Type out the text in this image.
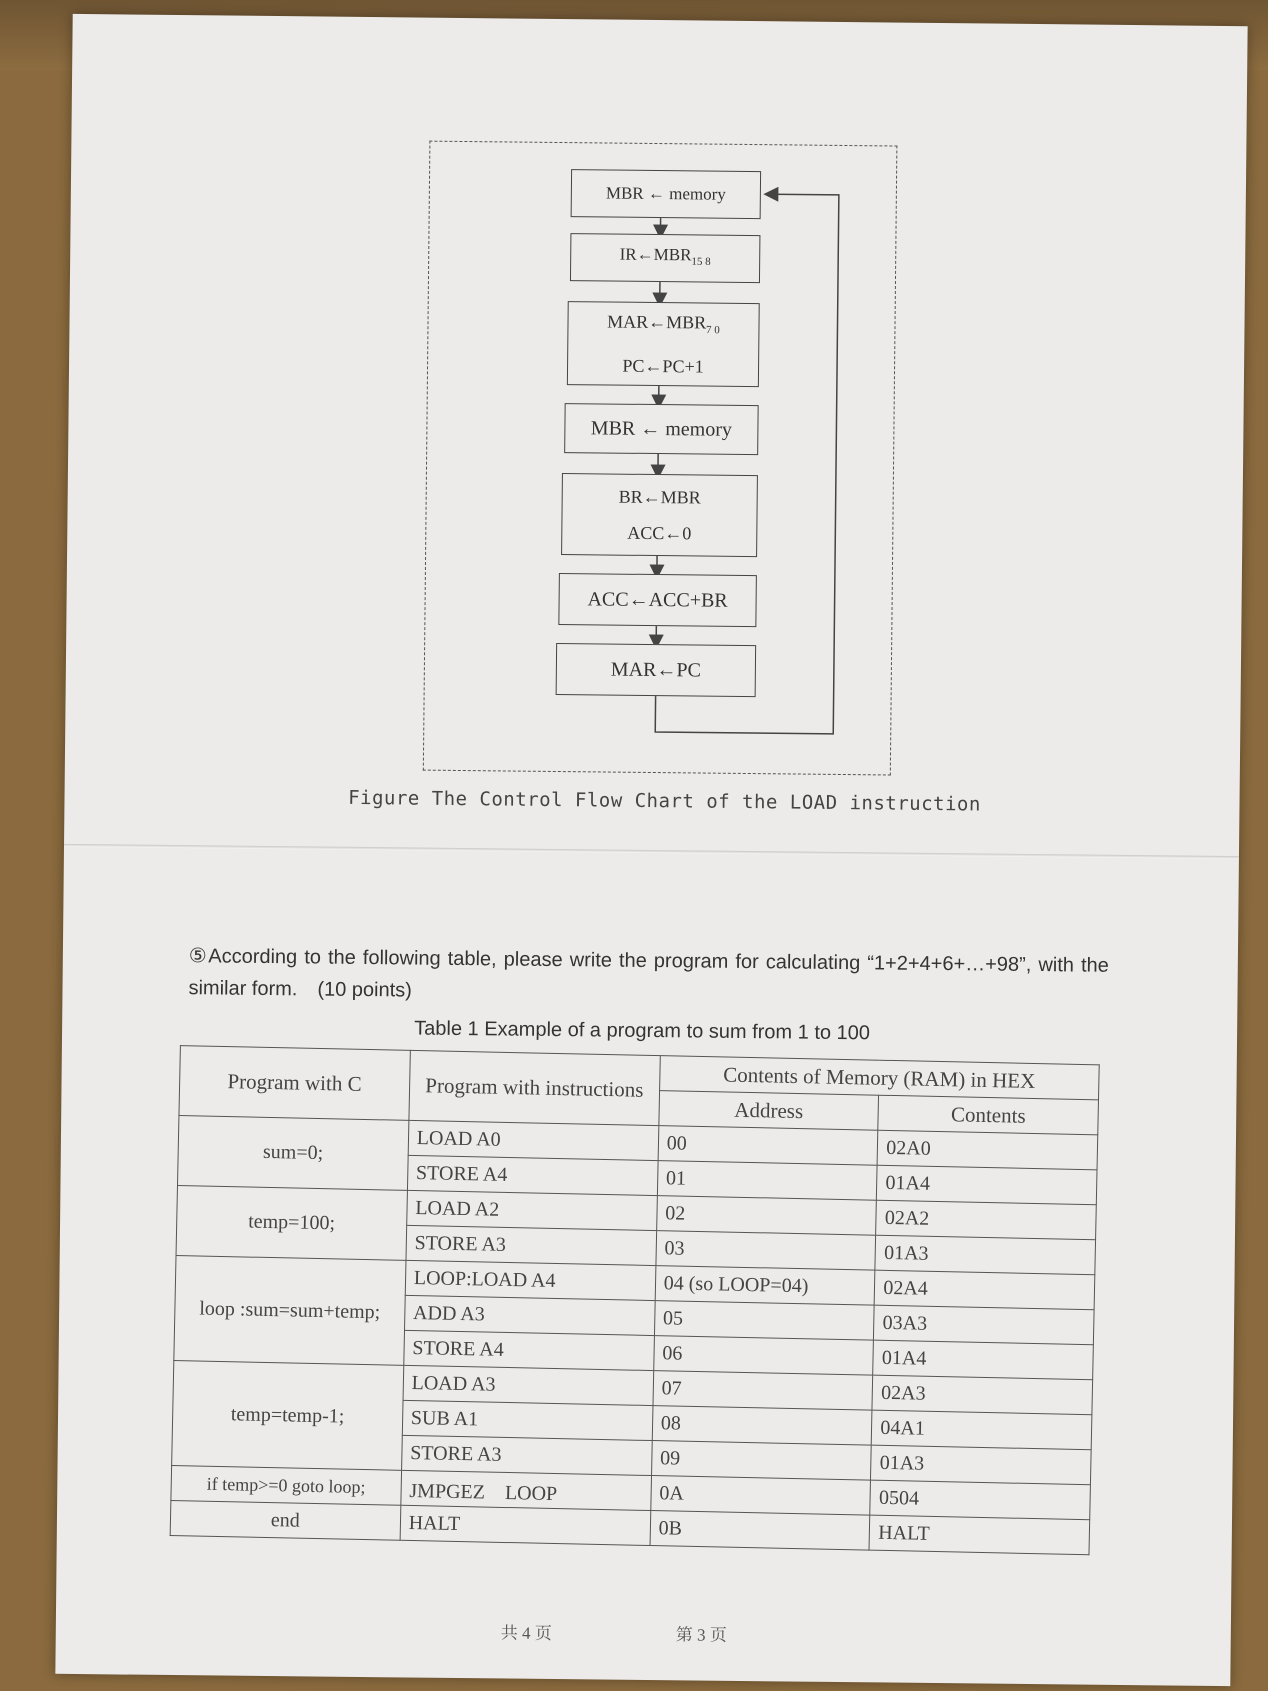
MBR ← memory
$IR\leftarrow MBR_{15 8}$
$MAR\leftarrow MBR_{7 0}$
PC←PC+1
MBR ← memory
BR←MBR
ACC←0
ACC←ACC+BR
MAR←PC
Figure The Control Flow Chart of the LOAD instruction
⑤According to the following table, please write the program for calculating “1+2+4+6+…+98”, with the similar form.　(10 points)
Table 1 Example of a program to sum from 1 to 100
Program with C	Program with instructions	Contents of Memory (RAM) in HEX	
		Address	Contents
sum=0;	LOAD A0	00	02A0
	STORE A4	01	01A4
temp=100;	LOAD A2	02	02A2
	STORE A3	03	01A3
loop :sum=sum+temp;	LOOP:LOAD A4	04 (so LOOP=04)	02A4
	ADD A3	05	03A3
	STORE A4	06	01A4
temp=temp-1;	LOAD A3	07	02A3
	SUB A1	08	04A1
	STORE A3	09	01A3
if temp>=0 goto loop;	JMPGEZ　LOOP	0A	0504
end	HALT	0B	HALT
共 4 页	第 3 页
